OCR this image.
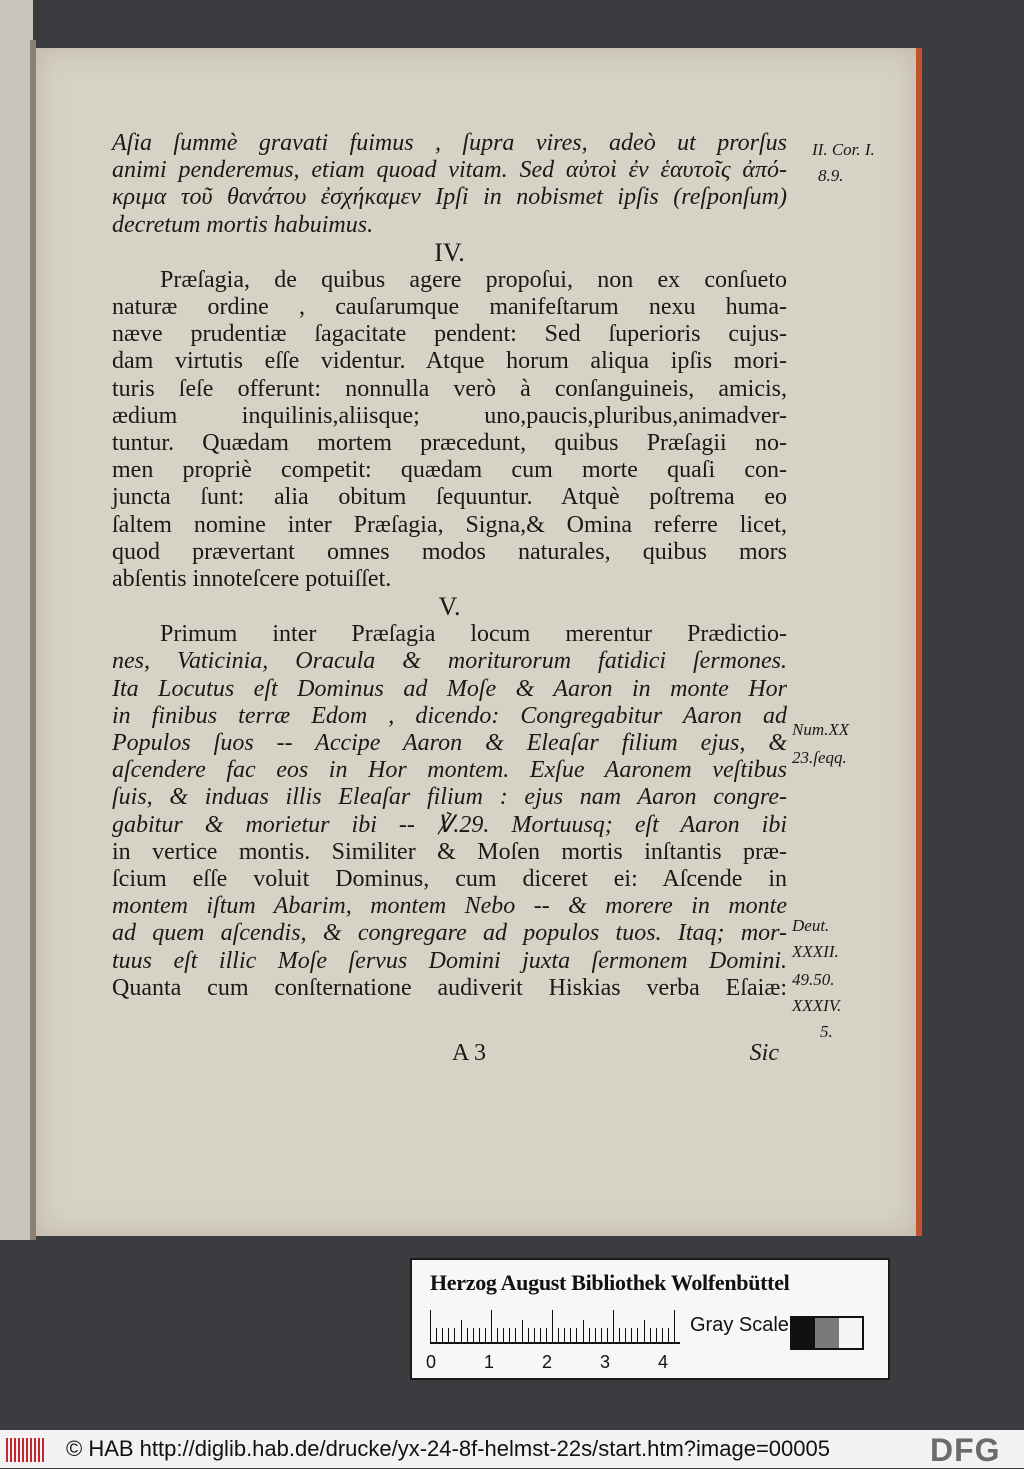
Aſia ſummè gravati fuimus , ſupra vires, adeò ut prorſus
animi penderemus, etiam quoad vitam. Sed αὐτοὶ ἐν ἑαυτοῖς ἀπό-
κριμα τοῦ θανάτου ἐσχήκαμεν Ipſi in nobismet ipſis (reſponſum)
decretum mortis habuimus.
IV.
Præſagia, de quibus agere propoſui, non ex conſueto
naturæ ordine , cauſarumque manifeſtarum nexu huma-
næve prudentiæ ſagacitate pendent: Sed ſuperioris cujus-
dam virtutis eſſe videntur. Atque horum aliqua ipſis mori-
turis ſeſe offerunt: nonnulla verò à conſanguineis, amicis,
ædium inquilinis,aliisque; uno,paucis,pluribus,animadver-
tuntur. Quædam mortem præcedunt, quibus Præſagii no-
men propriè competit: quædam cum morte quaſi con-
juncta ſunt: alia obitum ſequuntur. Atquè poſtrema eo
ſaltem nomine inter Præſagia, Signa,& Omina referre licet,
quod prævertant omnes modos naturales, quibus mors
abſentis innoteſcere potuiſſet.
V.
Primum inter Præſagia locum merentur Prædictio-
nes, Vaticinia, Oracula & moriturorum fatidici ſermones.
Ita Locutus eſt Dominus ad Moſe & Aaron in monte Hor
in finibus terræ Edom , dicendo: Congregabitur Aaron ad
Populos ſuos -- Accipe Aaron & Eleaſar filium ejus, &
aſcendere fac eos in Hor montem. Exſue Aaronem veſtibus
ſuis, & induas illis Eleaſar filium : ejus nam Aaron congre-
gabitur & morietur ibi -- ℣.29. Mortuusq; eſt Aaron ibi
in vertice montis. Similiter & Moſen mortis inſtantis præ-
ſcium eſſe voluit Dominus, cum diceret ei: Aſcende in
montem iſtum Abarim, montem Nebo -- & morere in monte
ad quem aſcendis, & congregare ad populos tuos. Itaq; mor-
tuus eſt illic Moſe ſervus Domini juxta ſermonem Domini.
Quanta cum conſternatione audiverit Hiskias verba Eſaiæ:
II. Cor. I.
8.9.
Num.XX
23.ſeqq.
Deut.
XXXII.
49.50.
XXXIV.
5.
A 3	Sic
Herzog August Bibliothek Wolfenbüttel
0	1	2	3	4
Gray Scale
© HAB http://diglib.hab.de/drucke/yx-24-8f-helmst-22s/start.htm?image=00005	DFG
